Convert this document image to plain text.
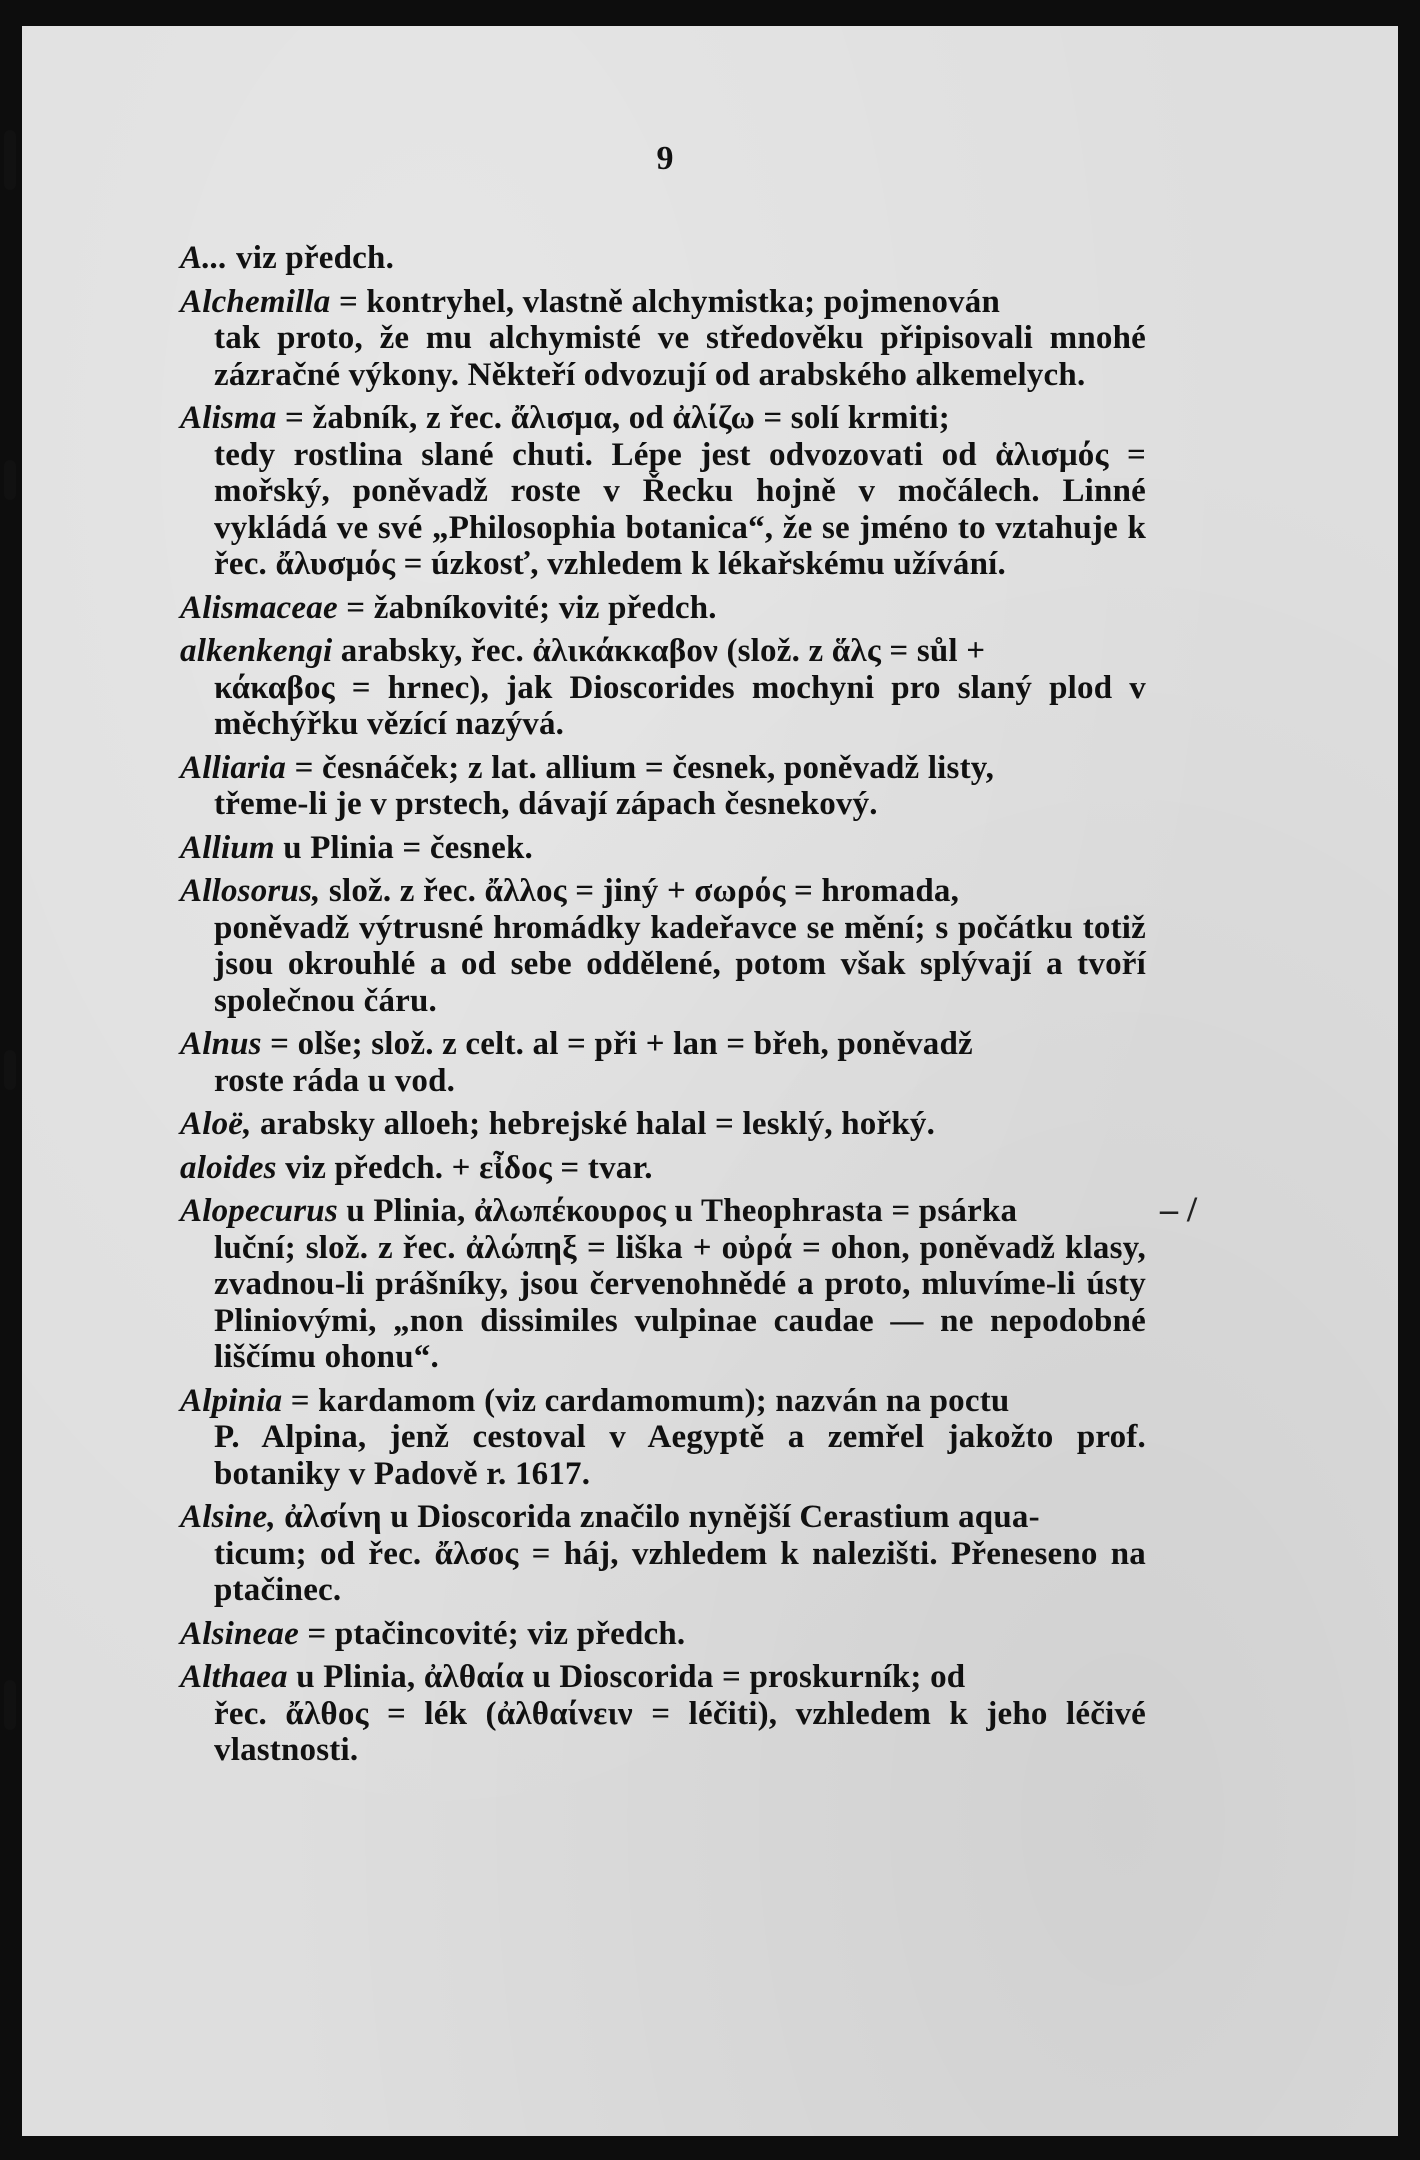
9

A... viz předch.

Alchemilla = kontryhel, vlastně alchymistka; pojmenován
tak proto, že mu alchymisté ve středověku připisovali mnohé zázračné výkony. Někteří odvozují od arabského alkemelych.

Alisma = žabník, z řec. ἄλισμα, od ἀλίζω = solí krmiti;
tedy rostlina slané chuti. Lépe jest odvozovati od ἁλισμός = mořský, poněvadž roste v Řecku hojně v močálech. Linné vykládá ve své „Philosophia botanica“, že se jméno to vztahuje k řec. ἄλυσμός = úzkosť, vzhledem k lékařskému užívání.

Alismaceae = žabníkovité; viz předch.

alkenkengi arabsky, řec. ἀλικάκκαβον (slož. z ἅλς = sůl +
κάκαβος = hrnec), jak Dioscorides mochyni pro slaný plod v měchýřku vězící nazývá.

Alliaria = česnáček; z lat. allium = česnek, poněvadž listy,
třeme-li je v prstech, dávají zápach česnekový.

Allium u Plinia = česnek.

Allosorus, slož. z řec. ἄλλος = jiný + σωρός = hromada,
poněvadž výtrusné hromádky kadeřavce se mění; s počátku totiž jsou okrouhlé a od sebe oddělené, potom však splývají a tvoří společnou čáru.

Alnus = olše; slož. z celt. al = při + lan = břeh, poněvadž
roste ráda u vod.

Aloë, arabsky alloeh; hebrejské halal = lesklý, hořký.

aloides viz předch. + εἶδος = tvar.

Alopecurus u Plinia, ἀλωπέκουρος u Theophrasta = psárka
luční; slož. z řec. ἀλώπηξ = liška + οὐρά = ohon, poněvadž klasy, zvadnou-li prášníky, jsou červenohnědé a proto, mluvíme-li ústy Pliniovými, „non dissimiles vulpinae caudae — ne nepodobné liščímu ohonu“.

Alpinia = kardamom (viz cardamomum); nazván na poctu
P. Alpina, jenž cestoval v Aegyptě a zemřel jakožto prof. botaniky v Padově r. 1617.

Alsine, ἀλσίνη u Dioscorida značilo nynější Cerastium aqua-
ticum; od řec. ἄλσος = háj, vzhledem k nalezišti. Přeneseno na ptačinec.

Alsineae = ptačincovité; viz předch.

Althaea u Plinia, ἀλθαία u Dioscorida = proskurník; od
řec. ἄλθος = lék (ἀλθαίνειν = léčiti), vzhledem k jeho léčivé vlastnosti.

– /
